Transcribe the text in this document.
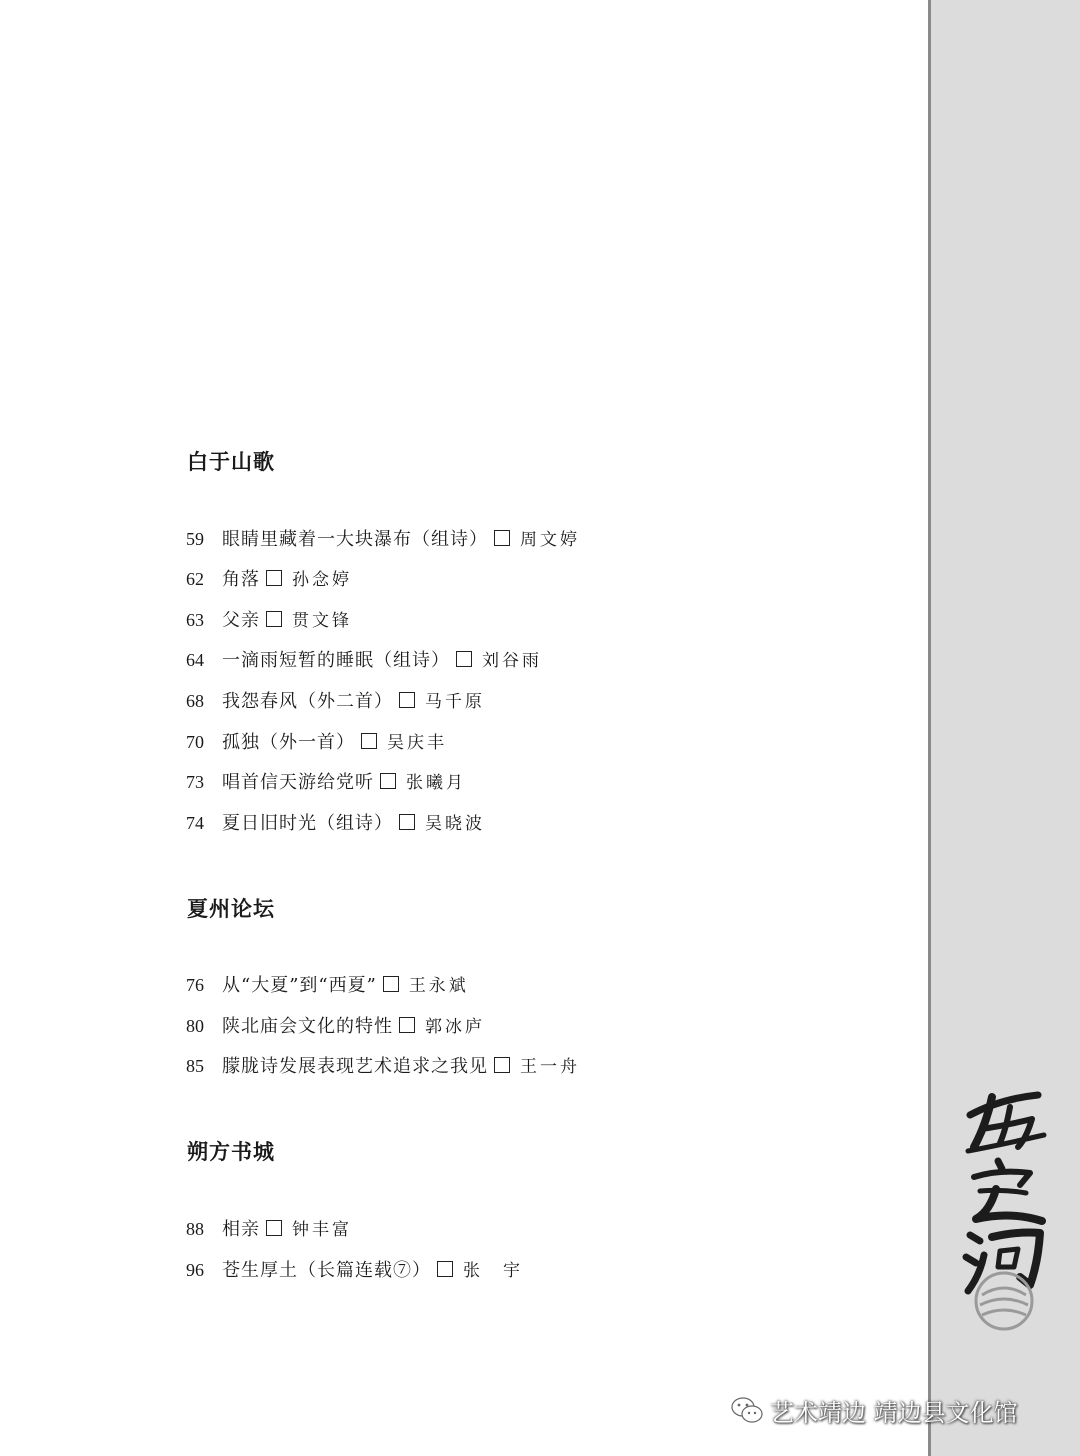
白于山歌
59 眼睛里藏着一大块瀑布（组诗） 周文婷
62 角落 孙念婷
63 父亲 贯文锋
64 一滴雨短暂的睡眠（组诗） 刘谷雨
68 我怨春风（外二首） 马千原
70 孤独（外一首） 吴庆丰
73 唱首信天游给党听 张曦月
74 夏日旧时光（组诗） 吴晓波
夏州论坛
76 从“大夏”到“西夏” 王永斌
80 陕北庙会文化的特性 郭冰庐
85 朦胧诗发展表现艺术追求之我见 王一舟
朔方书城
88 相亲 钟丰富
96 苍生厚土（长篇连载⑦） 张　宇
艺术靖边 靖边县文化馆
